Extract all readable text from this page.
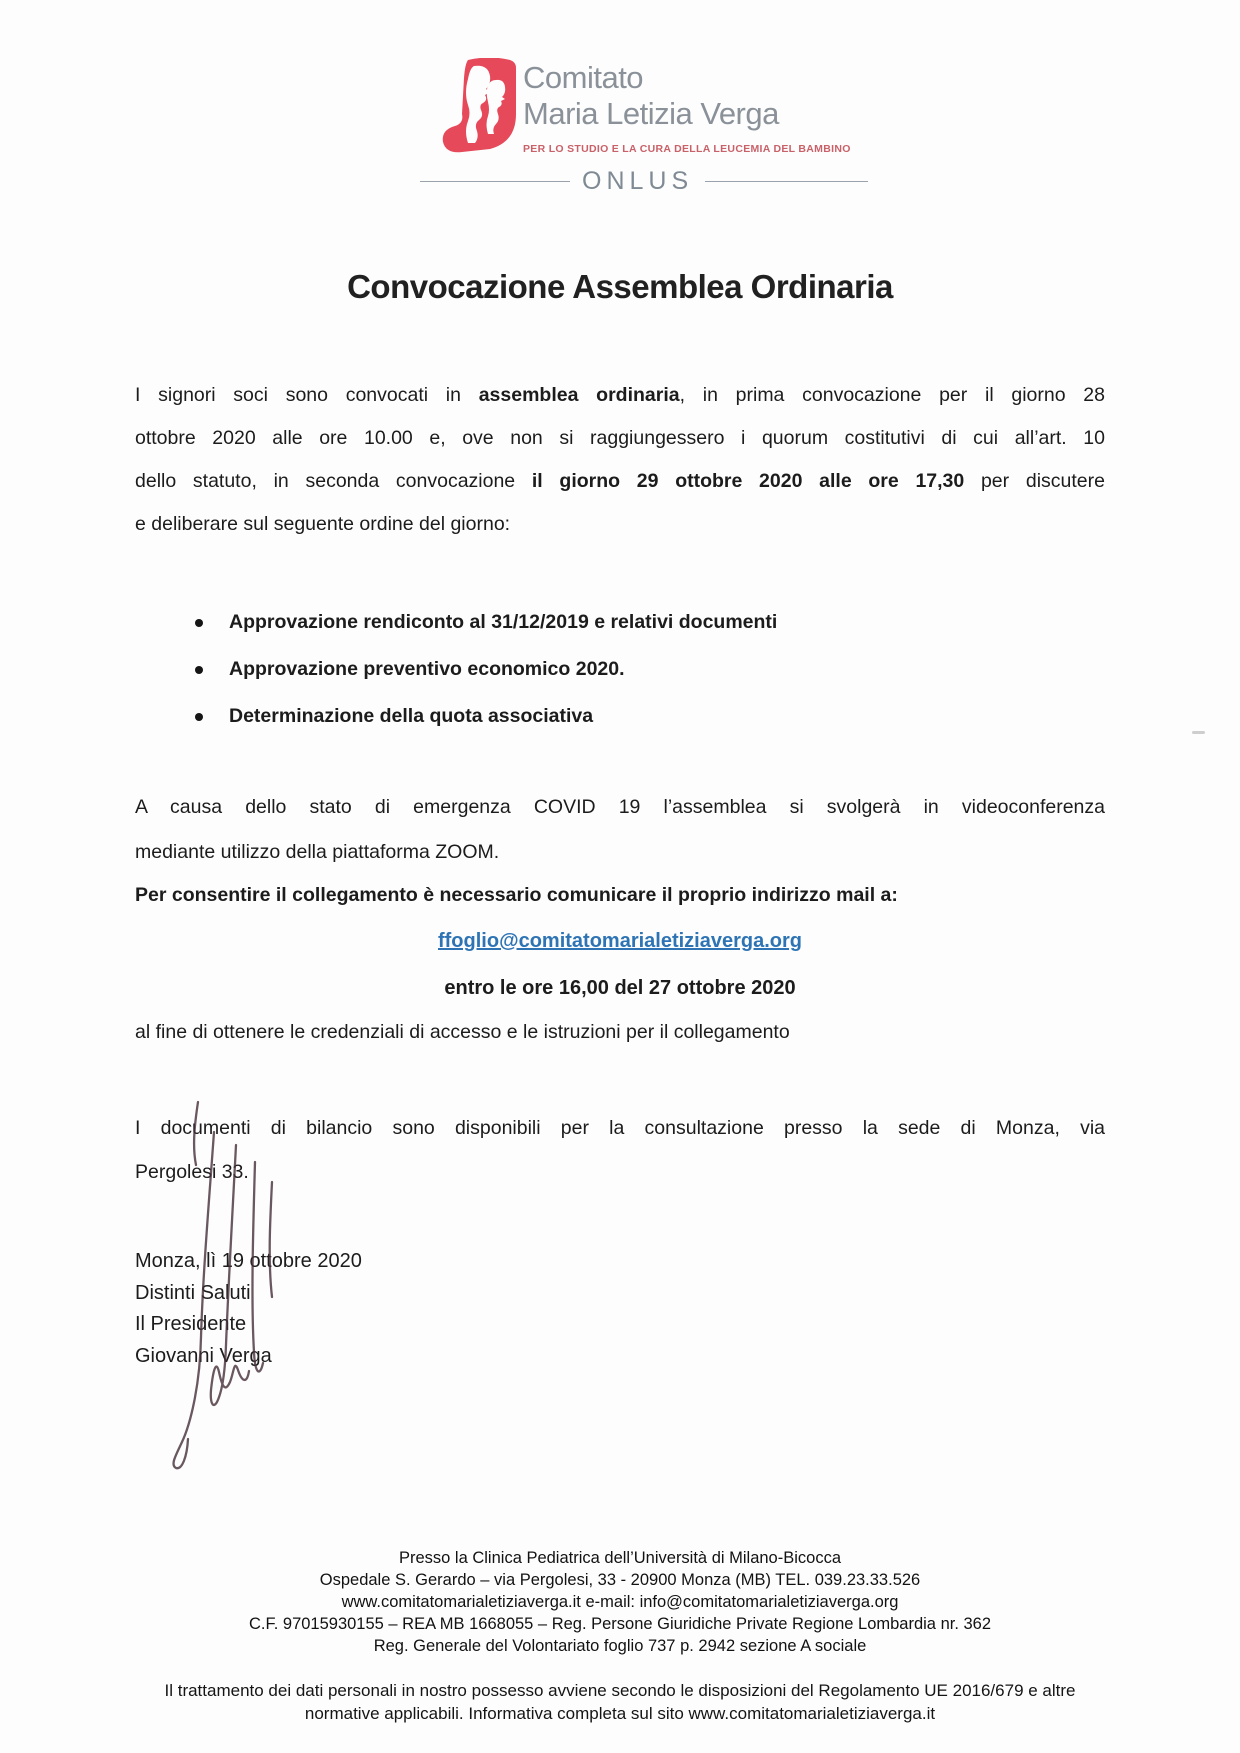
Comitato
Maria Letizia Verga
PER LO STUDIO E LA CURA DELLA LEUCEMIA DEL BAMBINO
ONLUS
Convocazione Assemblea Ordinaria
I signori soci sono convocati in assemblea ordinaria, in prima convocazione per il giorno 28
ottobre 2020 alle ore 10.00 e, ove non si raggiungessero i quorum costitutivi di cui all’art. 10
dello statuto, in seconda convocazione il giorno 29 ottobre 2020 alle ore 17,30 per discutere
e deliberare sul seguente ordine del giorno:
Approvazione rendiconto al 31/12/2019 e relativi documenti
Approvazione preventivo economico 2020.
Determinazione della quota associativa
A causa dello stato di emergenza COVID 19 l’assemblea si svolgerà in videoconferenza
mediante utilizzo della piattaforma ZOOM.
Per consentire il collegamento è necessario comunicare il proprio indirizzo mail a:
ffoglio@comitatomarialetiziaverga.org
entro le ore 16,00 del 27 ottobre 2020
al fine di ottenere le credenziali di accesso e le istruzioni per il collegamento
I documenti di bilancio sono disponibili per la consultazione presso la sede di Monza, via
Pergolesi 33.
Monza, lì 19 ottobre 2020
Distinti Saluti
Il Presidente
Giovanni Verga
Presso la Clinica Pediatrica dell’Università di Milano-Bicocca
Ospedale S. Gerardo – via Pergolesi, 33 - 20900 Monza (MB) TEL. 039.23.33.526
www.comitatomarialetiziaverga.it e-mail: info@comitatomarialetiziaverga.org
C.F. 97015930155 – REA MB 1668055 – Reg. Persone Giuridiche Private Regione Lombardia nr. 362
Reg. Generale del Volontariato foglio 737 p. 2942 sezione A sociale
Il trattamento dei dati personali in nostro possesso avviene secondo le disposizioni del Regolamento UE 2016/679 e altre
normative applicabili. Informativa completa sul sito www.comitatomarialetiziaverga.it
